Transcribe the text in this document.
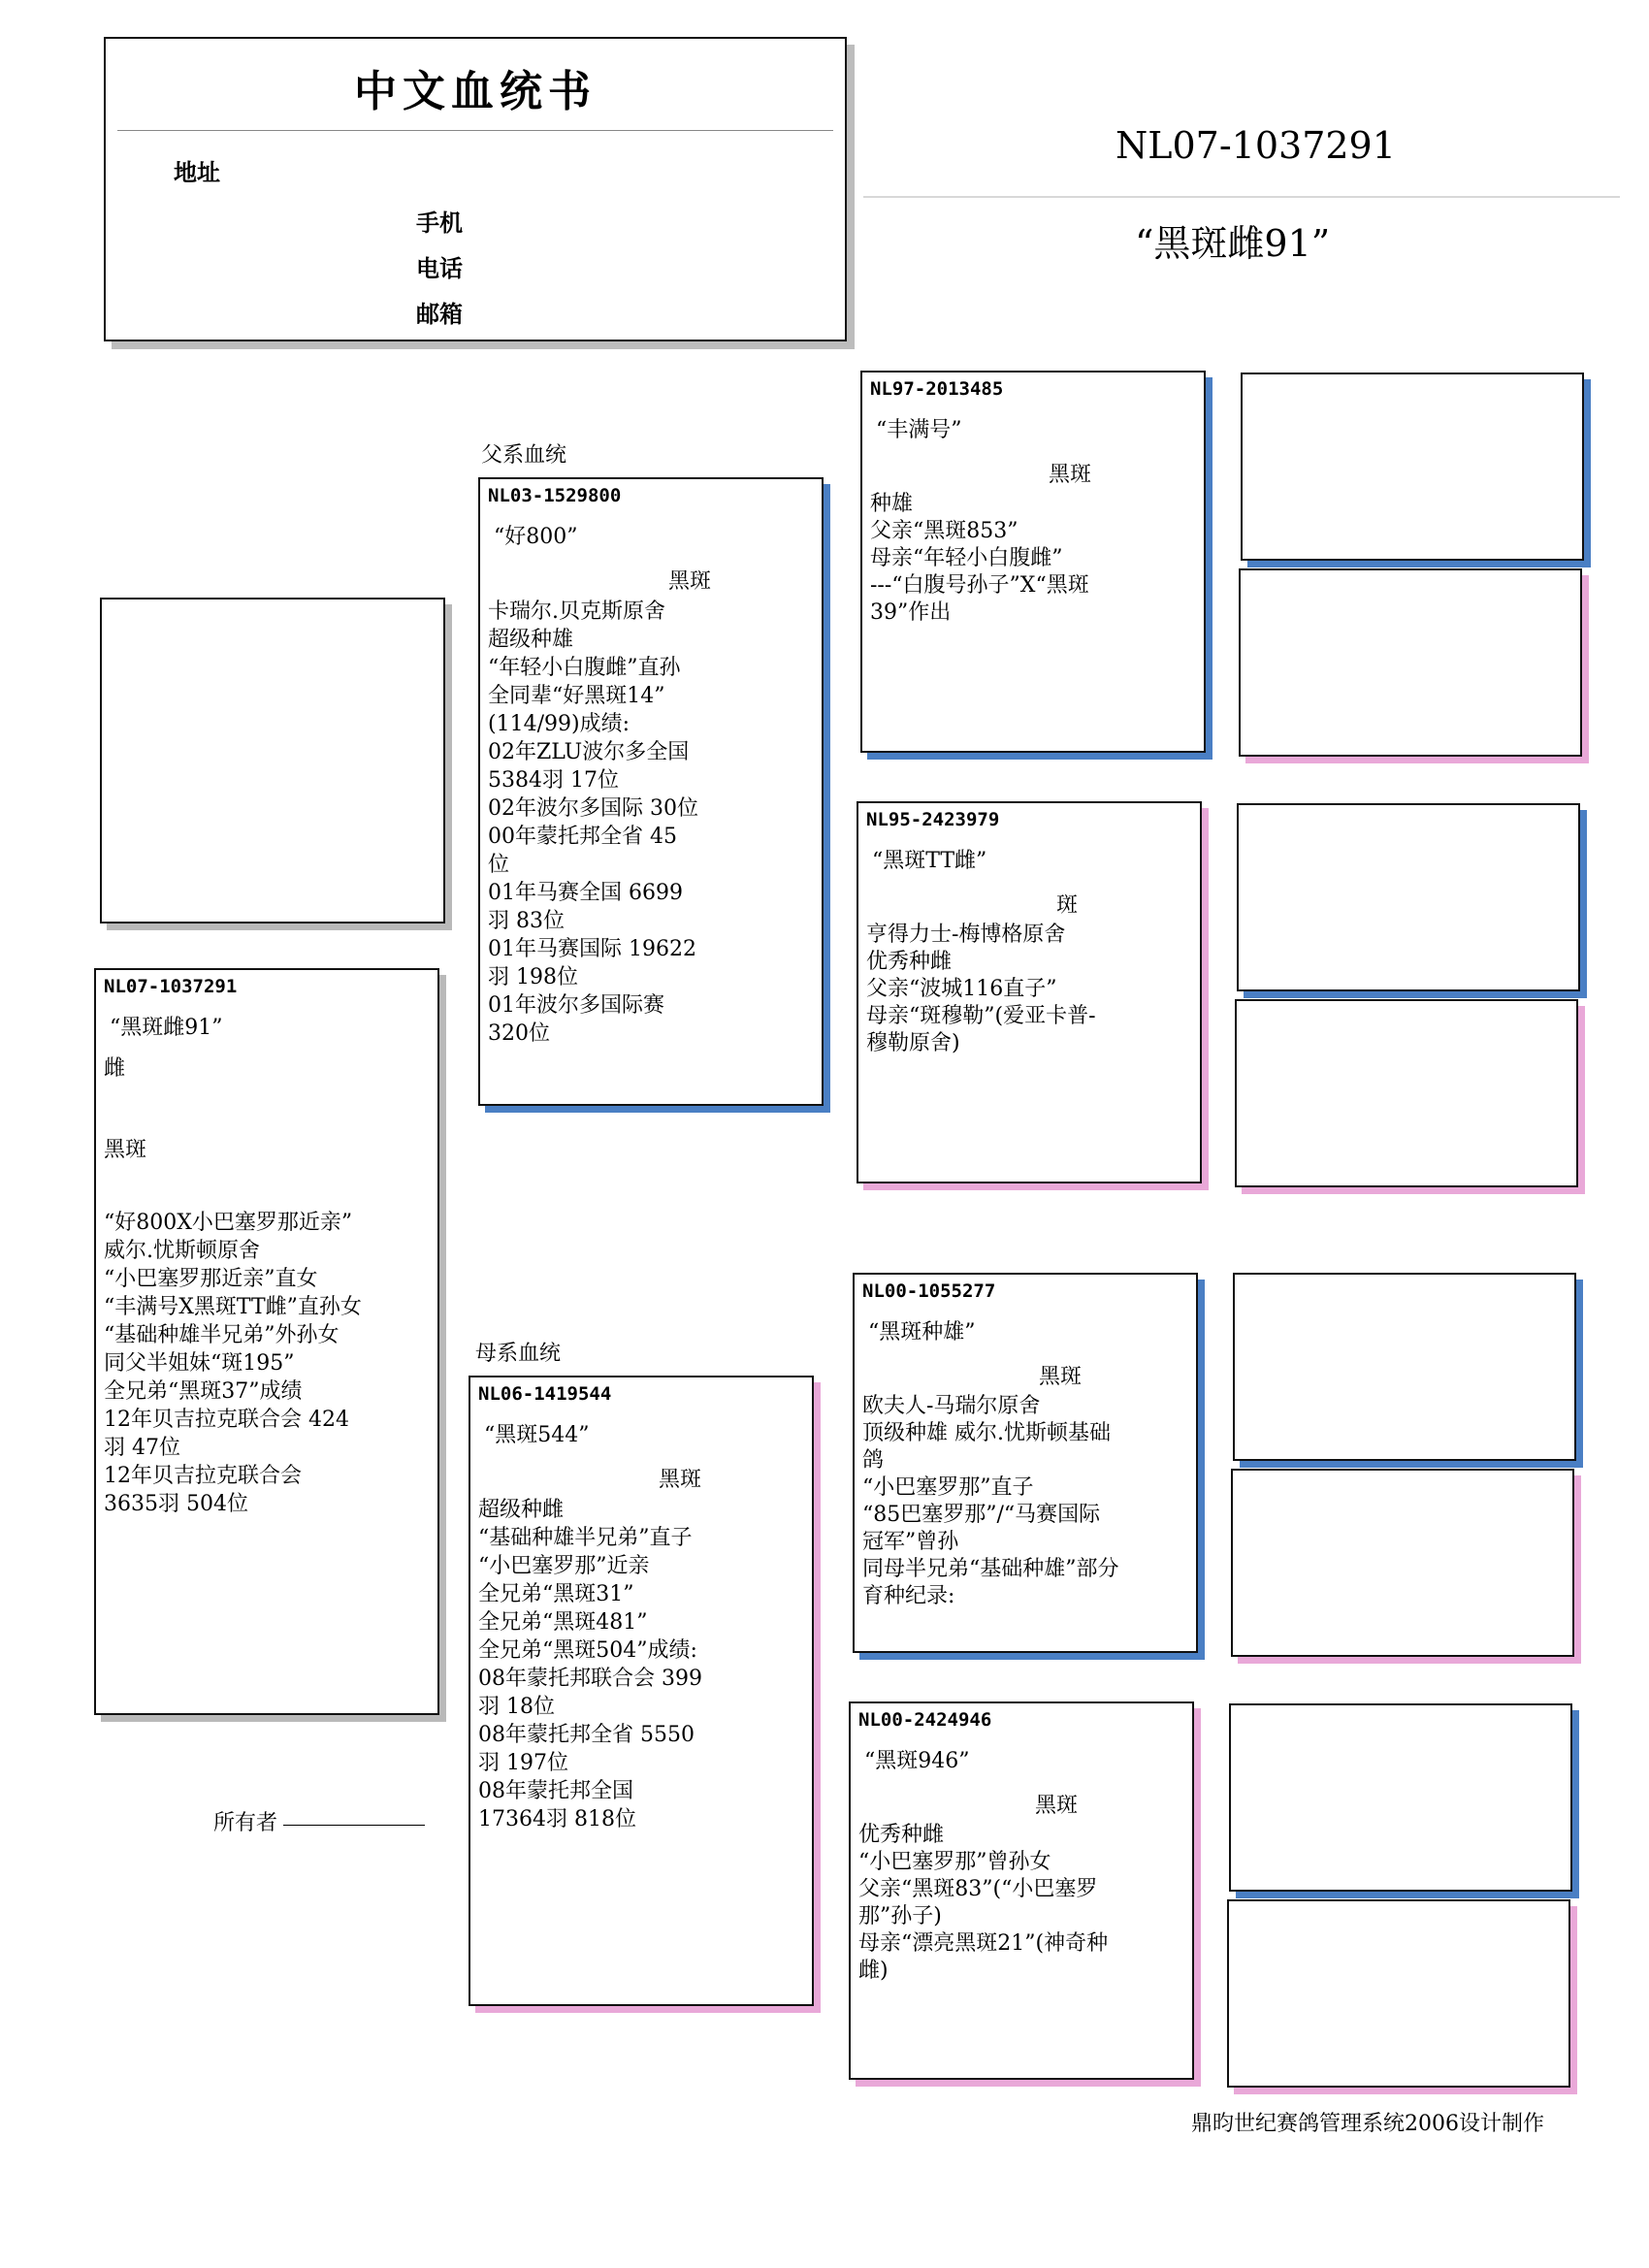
中文血统书
地址
手机
电话
邮箱
NL07-1037291
“黑斑雌91”
NL07-1037291
“黑斑雌91”
雌
黑斑
“好800X小巴塞罗那近亲”
威尔.忧斯顿原舍
“小巴塞罗那近亲”直女
“丰满号X黑斑TT雌”直孙女
“基础种雄半兄弟”外孙女
同父半姐妹“斑195”
全兄弟“黑斑37”成绩
12年贝吉拉克联合会 424
羽 47位
12年贝吉拉克联合会
3635羽 504位
所有者
父系血统
NL03-1529800
“好800”
黑斑
卡瑞尔.贝克斯原舍
超级种雄
“年轻小白腹雌”直孙
全同辈“好黑斑14”
(114/99)成绩:
02年ZLU波尔多全国
5384羽 17位
02年波尔多国际 30位
00年蒙托邦全省 45
位
01年马赛全国 6699
羽 83位
01年马赛国际 19622
羽 198位
01年波尔多国际赛
320位
母系血统
NL06-1419544
“黑斑544”
黑斑
超级种雌
“基础种雄半兄弟”直子
“小巴塞罗那”近亲
全兄弟“黑斑31”
全兄弟“黑斑481”
全兄弟“黑斑504”成绩:
08年蒙托邦联合会 399
羽 18位
08年蒙托邦全省 5550
羽 197位
08年蒙托邦全国
17364羽 818位
NL97-2013485
“丰满号”
黑斑
种雄
父亲“黑斑853”
母亲“年轻小白腹雌”
---“白腹号孙子”X“黑斑
39”作出
NL95-2423979
“黑斑TT雌”
斑
亨得力士-梅博格原舍
优秀种雌
父亲“波城116直子”
母亲“斑穆勒”(爱亚卡普-
穆勒原舍)
NL00-1055277
“黑斑种雄”
黑斑
欧夫人-马瑞尔原舍
顶级种雄 威尔.忧斯顿基础
鸽
“小巴塞罗那”直子
“85巴塞罗那”/“马赛国际
冠军”曾孙
同母半兄弟“基础种雄”部分
育种纪录:
NL00-2424946
“黑斑946”
黑斑
优秀种雌
“小巴塞罗那”曾孙女
父亲“黑斑83”(“小巴塞罗
那”孙子)
母亲“漂亮黑斑21”(神奇种
雌)
鼎昀世纪赛鸽管理系统2006设计制作
